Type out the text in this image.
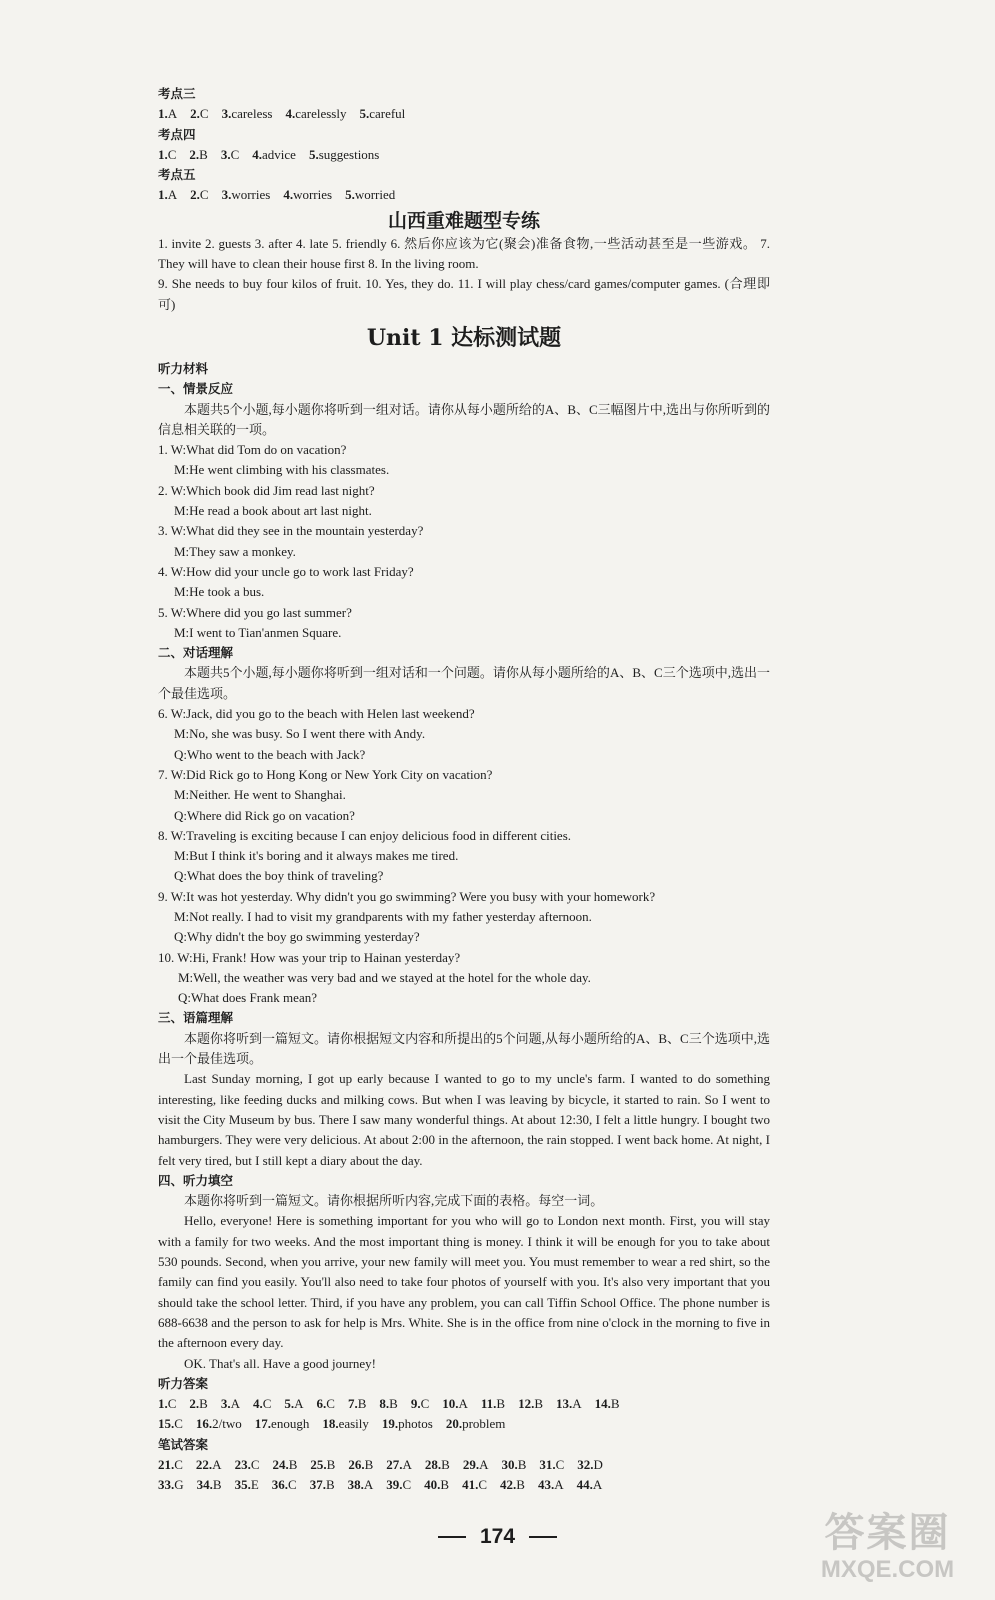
考点三
1.A  2.C  3.careless  4.carelessly  5.careful
考点四
1.C  2.B  3.C  4.advice  5.suggestions
考点五
1.A  2.C  3.worries  4.worries  5.worried
山西重难题型专练
1. invite 2. guests 3. after 4. late 5. friendly 6. 然后你应该为它(聚会)准备食物,一些活动甚至是一些游戏。 7. They will have to clean their house first 8. In the living room.
9. She needs to buy four kilos of fruit. 10. Yes, they do. 11. I will play chess/card games/computer games. (合理即可)
Unit 1 达标测试题
听力材料
一、情景反应
本题共5个小题,每小题你将听到一组对话。请你从每小题所给的A、B、C三幅图片中,选出与你所听到的信息相关联的一项。
1. W:What did Tom do on vacation?
M:He went climbing with his classmates.
2. W:Which book did Jim read last night?
M:He read a book about art last night.
3. W:What did they see in the mountain yesterday?
M:They saw a monkey.
4. W:How did your uncle go to work last Friday?
M:He took a bus.
5. W:Where did you go last summer?
M:I went to Tian'anmen Square.
二、对话理解
本题共5个小题,每小题你将听到一组对话和一个问题。请你从每小题所给的A、B、C三个选项中,选出一个最佳选项。
6. W:Jack, did you go to the beach with Helen last weekend?
M:No, she was busy. So I went there with Andy.
Q:Who went to the beach with Jack?
7. W:Did Rick go to Hong Kong or New York City on vacation?
M:Neither. He went to Shanghai.
Q:Where did Rick go on vacation?
8. W:Traveling is exciting because I can enjoy delicious food in different cities.
M:But I think it's boring and it always makes me tired.
Q:What does the boy think of traveling?
9. W:It was hot yesterday. Why didn't you go swimming? Were you busy with your homework?
M:Not really. I had to visit my grandparents with my father yesterday afternoon.
Q:Why didn't the boy go swimming yesterday?
10. W:Hi, Frank! How was your trip to Hainan yesterday?
M:Well, the weather was very bad and we stayed at the hotel for the whole day.
Q:What does Frank mean?
三、语篇理解
本题你将听到一篇短文。请你根据短文内容和所提出的5个问题,从每小题所给的A、B、C三个选项中,选出一个最佳选项。
Last Sunday morning, I got up early because I wanted to go to my uncle's farm. I wanted to do something interesting, like feeding ducks and milking cows. But when I was leaving by bicycle, it started to rain. So I went to visit the City Museum by bus. There I saw many wonderful things. At about 12:30, I felt a little hungry. I bought two hamburgers. They were very delicious. At about 2:00 in the afternoon, the rain stopped. I went back home. At night, I felt very tired, but I still kept a diary about the day.
四、听力填空
本题你将听到一篇短文。请你根据所听内容,完成下面的表格。每空一词。
Hello, everyone! Here is something important for you who will go to London next month. First, you will stay with a family for two weeks. And the most important thing is money. I think it will be enough for you to take about 530 pounds. Second, when you arrive, your new family will meet you. You must remember to wear a red shirt, so the family can find you easily. You'll also need to take four photos of yourself with you. It's also very important that you should take the school letter. Third, if you have any problem, you can call Tiffin School Office. The phone number is 688-6638 and the person to ask for help is Mrs. White. She is in the office from nine o'clock in the morning to five in the afternoon every day.
OK. That's all. Have a good journey!
听力答案
1.C  2.B  3.A  4.C  5.A  6.C  7.B  8.B  9.C  10.A  11.B  12.B  13.A  14.B
15.C  16.2/two  17.enough  18.easily  19.photos  20.problem
笔试答案
21.C  22.A  23.C  24.B  25.B  26.B  27.A  28.B  29.A  30.B  31.C  32.D
33.G  34.B  35.E  36.C  37.B  38.A  39.C  40.B  41.C  42.B  43.A  44.A
174	答案圈
MXQE.COM
